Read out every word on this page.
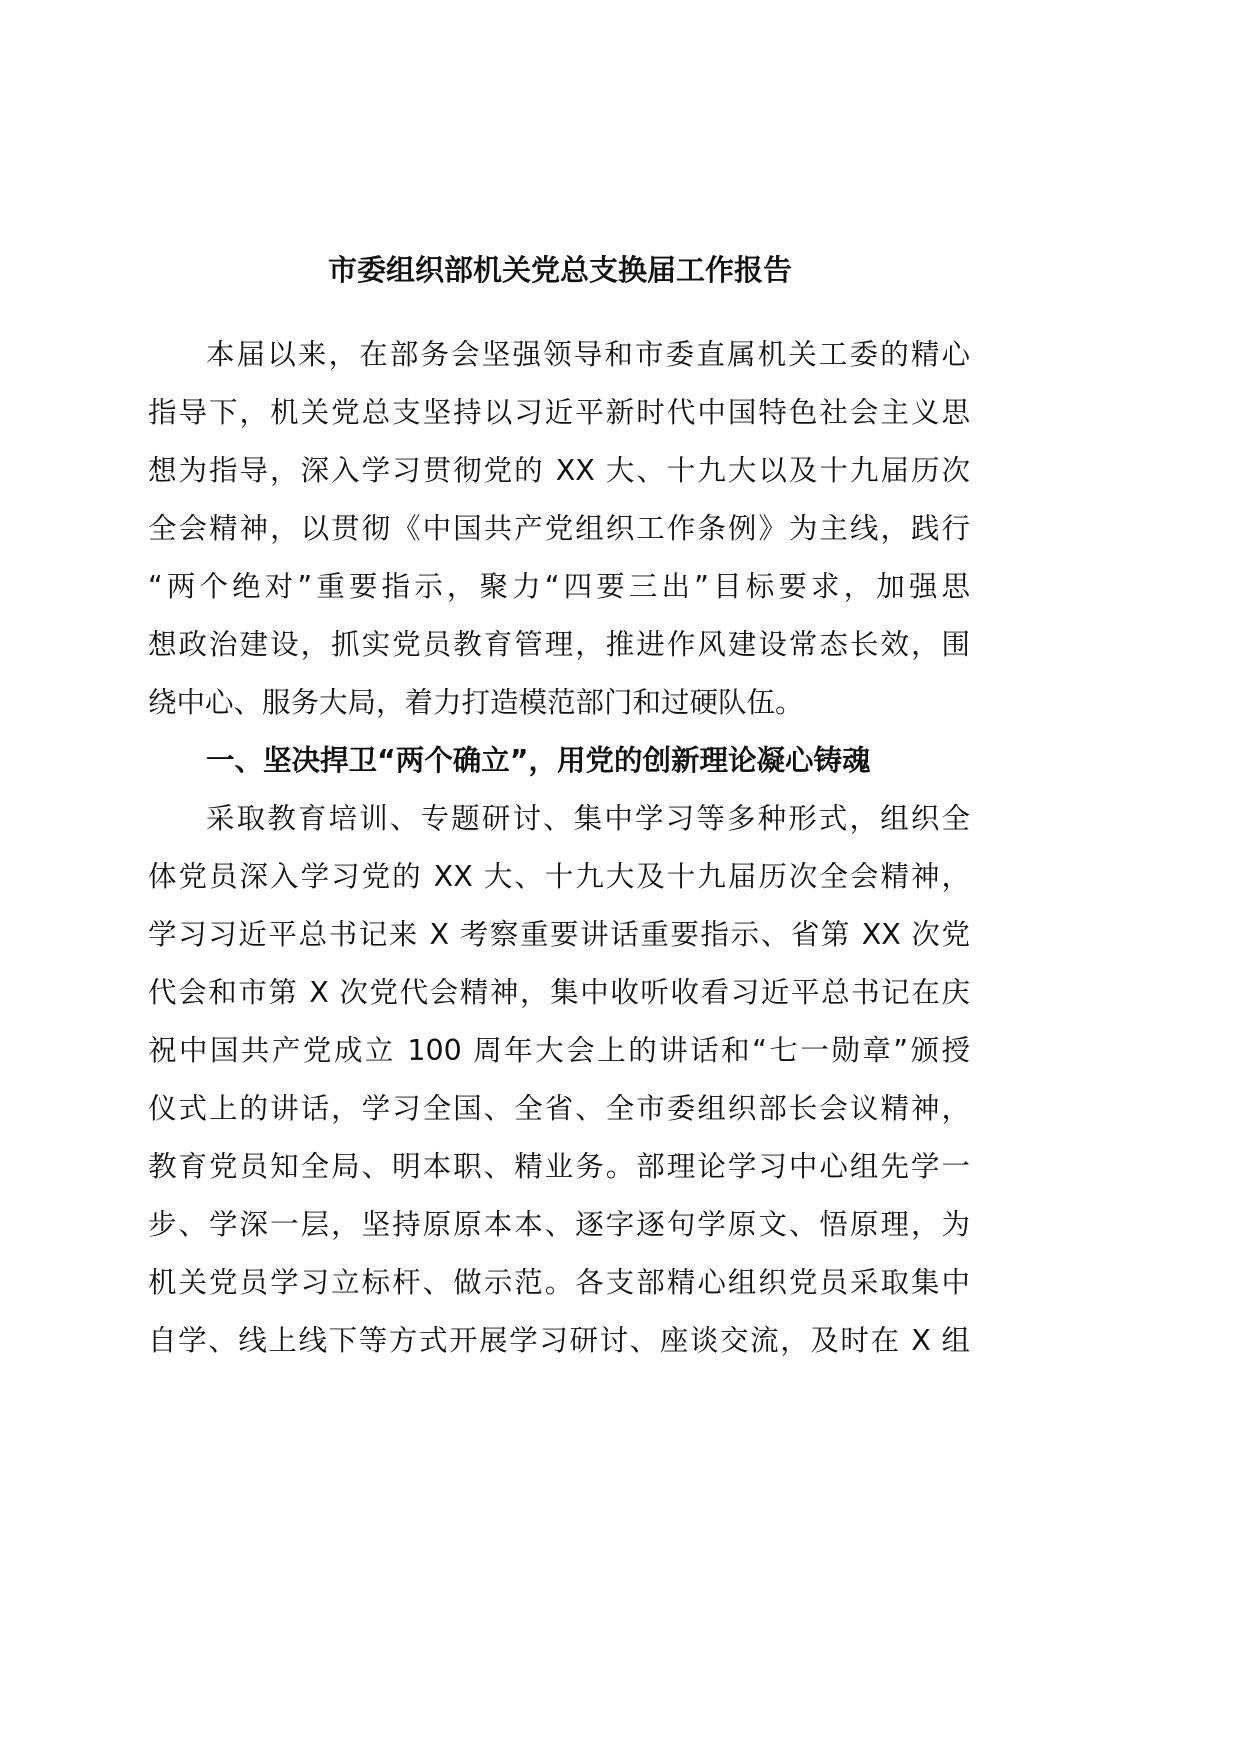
市委组织部机关党总支换届工作报告
本届以来，在部务会坚强领导和市委直属机关工委的精心
指导下，机关党总支坚持以习近平新时代中国特色社会主义思
想为指导，深入学习贯彻党的 XX 大、十九大以及十九届历次
全会精神，以贯彻《中国共产党组织工作条例》为主线，践行
“两个绝对”重要指示，聚力“四要三出”目标要求，加强思
想政治建设，抓实党员教育管理，推进作风建设常态长效，围
绕中心、服务大局，着力打造模范部门和过硬队伍。
一、坚决捍卫“两个确立”，用党的创新理论凝心铸魂
采取教育培训、专题研讨、集中学习等多种形式，组织全
体党员深入学习党的 XX 大、十九大及十九届历次全会精神，
学习习近平总书记来 X 考察重要讲话重要指示、省第 XX 次党
代会和市第 X 次党代会精神，集中收听收看习近平总书记在庆
祝中国共产党成立 100 周年大会上的讲话和“七一勋章”颁授
仪式上的讲话，学习全国、全省、全市委组织部长会议精神，
教育党员知全局、明本职、精业务。部理论学习中心组先学一
步、学深一层，坚持原原本本、逐字逐句学原文、悟原理，为
机关党员学习立标杆、做示范。各支部精心组织党员采取集中
自学、线上线下等方式开展学习研讨、座谈交流，及时在 X 组
